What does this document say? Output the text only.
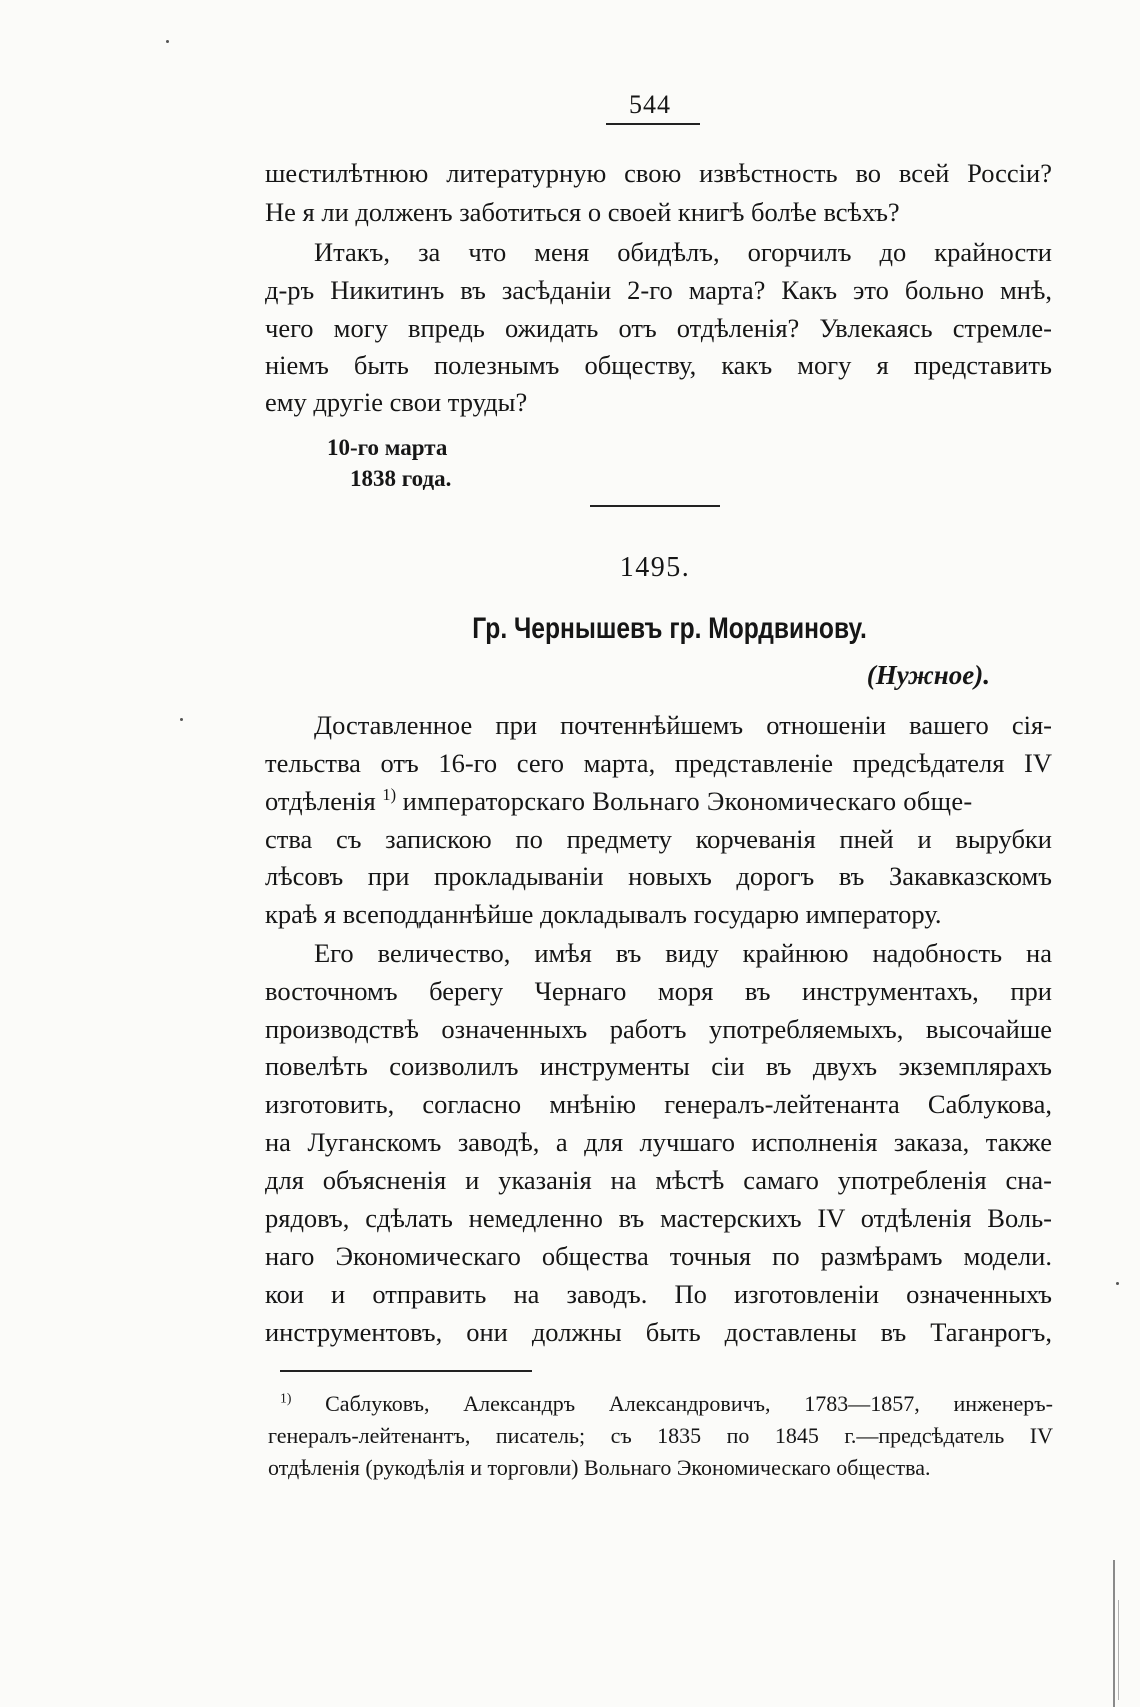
544
шестилѣтнюю литературную свою извѣстность во всей Россіи?
Не я ли долженъ заботиться о своей книгѣ болѣе всѣхъ?
Итакъ, за что меня обидѣлъ, огорчилъ до крайности
д-ръ Никитинъ въ засѣданіи 2-го марта? Какъ это больно мнѣ,
чего могу впредь ожидать отъ отдѣленія? Увлекаясь стремле-
ніемъ быть полезнымъ обществу, какъ могу я представить
ему другіе свои труды?
10-го марта
1838 года.
1495.
Гр. Чернышевъ гр. Мордвинову.
(Нужное).
Доставленное при почтеннѣйшемъ отношеніи вашего сія-
тельства отъ 16-го сего марта, представленіе предсѣдателя IV
отдѣленія $^{1)}$ императорскаго Вольнаго Экономическаго обще-
ства съ запискою по предмету корчеванія пней и вырубки
лѣсовъ при прокладываніи новыхъ дорогъ въ Закавказскомъ
краѣ я всеподданнѣйше докладывалъ государю императору.
Его величество, имѣя въ виду крайнюю надобность на
восточномъ берегу Чернаго моря въ инструментахъ, при
производствѣ означенныхъ работъ употребляемыхъ, высочайше
повелѣть соизволилъ инструменты сіи въ двухъ экземплярахъ
изготовить, согласно мнѣнію генералъ-лейтенанта Саблукова,
на Луганскомъ заводѣ, а для лучшаго исполненія заказа, также
для объясненія и указанія на мѣстѣ самаго употребленія сна-
рядовъ, сдѣлать немедленно въ мастерскихъ IV отдѣленія Воль-
наго Экономическаго общества точныя по размѣрамъ модели.
кои и отправить на заводъ. По изготовленіи означенныхъ
инструментовъ, они должны быть доставлены въ Таганрогъ,
$^{1)}$ Саблуковъ, Александръ Александровичъ, 1783—1857, инженеръ-
генералъ-лейтенантъ, писатель; съ 1835 по 1845 г.—предсѣдатель IV
отдѣленія (рукодѣлія и торговли) Вольнаго Экономическаго общества.
